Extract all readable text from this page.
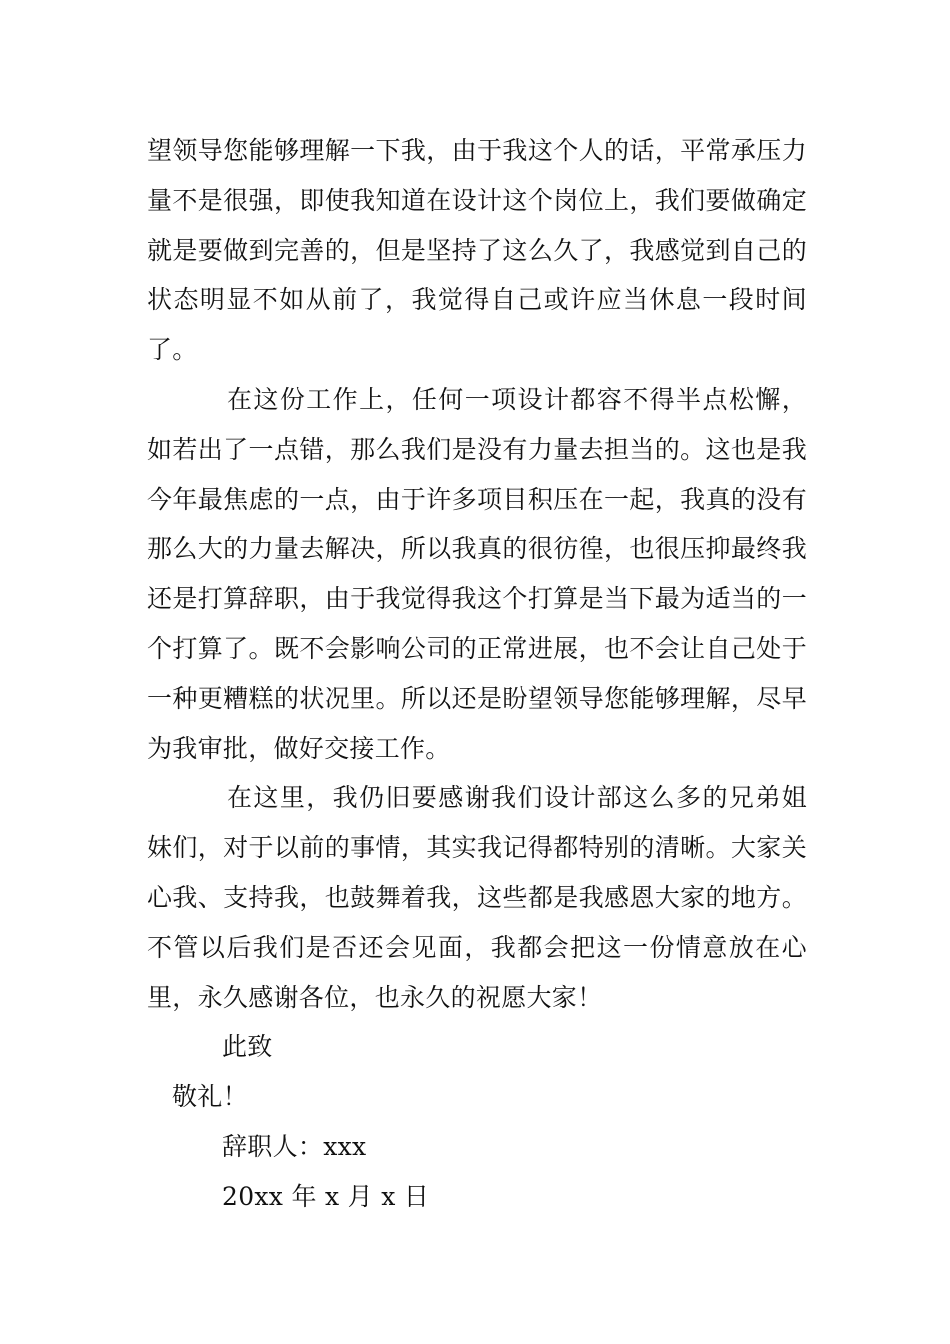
望领导您能够理解一下我，由于我这个人的话，平常承压力量不是很强，即使我知道在设计这个岗位上，我们要做确定就是要做到完善的，但是坚持了这么久了，我感觉到自己的状态明显不如从前了，我觉得自己或许应当休息一段时间了。

在这份工作上，任何一项设计都容不得半点松懈，如若出了一点错，那么我们是没有力量去担当的。这也是我今年最焦虑的一点，由于许多项目积压在一起，我真的没有那么大的力量去解决，所以我真的很彷徨，也很压抑最终我还是打算辞职，由于我觉得我这个打算是当下最为适当的一个打算了。既不会影响公司的正常进展，也不会让自己处于一种更糟糕的状况里。所以还是盼望领导您能够理解，尽早为我审批，做好交接工作。

在这里，我仍旧要感谢我们设计部这么多的兄弟姐妹们，对于以前的事情，其实我记得都特别的清晰。大家关心我、支持我，也鼓舞着我，这些都是我感恩大家的地方。不管以后我们是否还会见面，我都会把这一份情意放在心里，永久感谢各位，也永久的祝愿大家！

此致

敬礼！

辞职人：xxx

20xx 年 x 月 x 日
